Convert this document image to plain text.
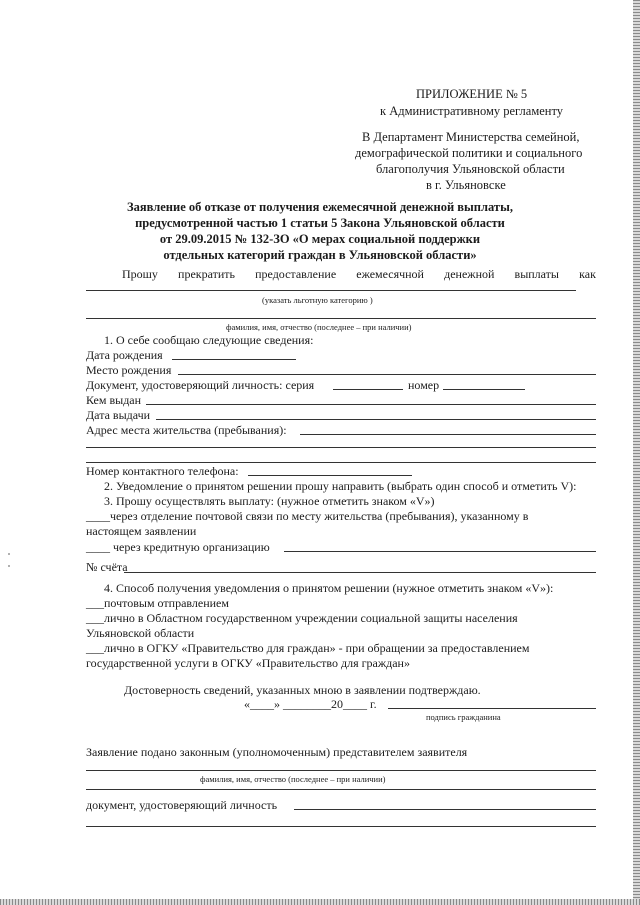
ПРИЛОЖЕНИЕ № 5
к Административному регламенту
В Департамент Министерства семейной,
демографической политики и социального
благополучия Ульяновской области
в г. Ульяновске
Заявление об отказе от получения ежемесячной денежной выплаты,
предусмотренной частью 1 статьи 5 Закона Ульяновской области
от 29.09.2015 № 132-ЗО «О мерах социальной поддержки
отдельных категорий граждан в Ульяновской области»
Прошу прекратить предоставление ежемесячной денежной выплаты как
(указать льготную категорию )
фамилия, имя, отчество (последнее – при наличии)
1. О себе сообщаю следующие сведения:
Дата рождения
Место рождения
Документ, удостоверяющий личность: серия	номер
Кем выдан
Дата выдачи
Адрес места жительства (пребывания):
Номер контактного телефона:
2. Уведомление о принятом решении прошу направить (выбрать один способ и отметить V):
3. Прошу осуществлять выплату: (нужное отметить знаком «V»)
____через отделение почтовой связи по месту жительства (пребывания), указанному в
настоящем заявлении
____ через кредитную организацию
№ счёта
4. Способ получения уведомления о принятом решении (нужное отметить знаком «V»):
___почтовым отправлением
___лично в Областном государственном учреждении социальной защиты населения
Ульяновской области
___лично в ОГКУ «Правительство для граждан» - при обращении за предоставлением
государственной услуги в ОГКУ «Правительство для граждан»
Достоверность сведений, указанных мною в заявлении подтверждаю.
«____» ________20____ г.
подпись гражданина
Заявление подано законным (уполномоченным) представителем заявителя
фамилия, имя, отчество (последнее – при наличии)
документ, удостоверяющий личность
